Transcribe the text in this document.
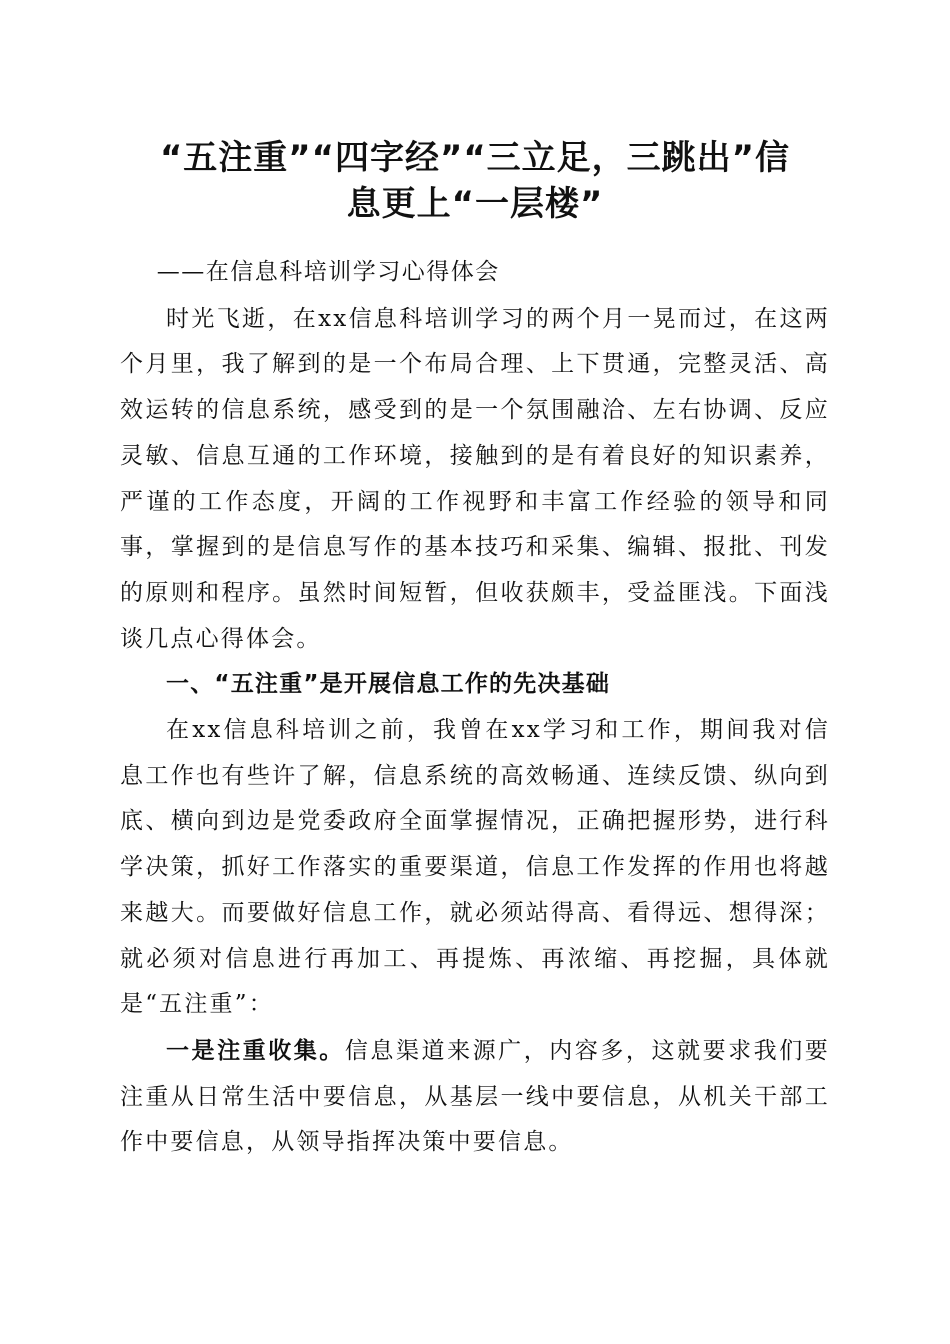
“五注重”“四字经”“三立足，三跳出”信
息更上“一层楼”

——在信息科培训学习心得体会

时光飞逝，在xx信息科培训学习的两个月一晃而过，在这两个月里，我了解到的是一个布局合理、上下贯通，完整灵活、高效运转的信息系统，感受到的是一个氛围融洽、左右协调、反应灵敏、信息互通的工作环境，接触到的是有着良好的知识素养，严谨的工作态度，开阔的工作视野和丰富工作经验的领导和同事，掌握到的是信息写作的基本技巧和采集、编辑、报批、刊发的原则和程序。虽然时间短暂，但收获颇丰，受益匪浅。下面浅谈几点心得体会。

一、“五注重”是开展信息工作的先决基础

在xx信息科培训之前，我曾在xx学习和工作，期间我对信息工作也有些许了解，信息系统的高效畅通、连续反馈、纵向到底、横向到边是党委政府全面掌握情况，正确把握形势，进行科学决策，抓好工作落实的重要渠道，信息工作发挥的作用也将越来越大。而要做好信息工作，就必须站得高、看得远、想得深；就必须对信息进行再加工、再提炼、再浓缩、再挖掘，具体就是“五注重”：

一是注重收集。信息渠道来源广，内容多，这就要求我们要注重从日常生活中要信息，从基层一线中要信息，从机关干部工作中要信息，从领导指挥决策中要信息。
